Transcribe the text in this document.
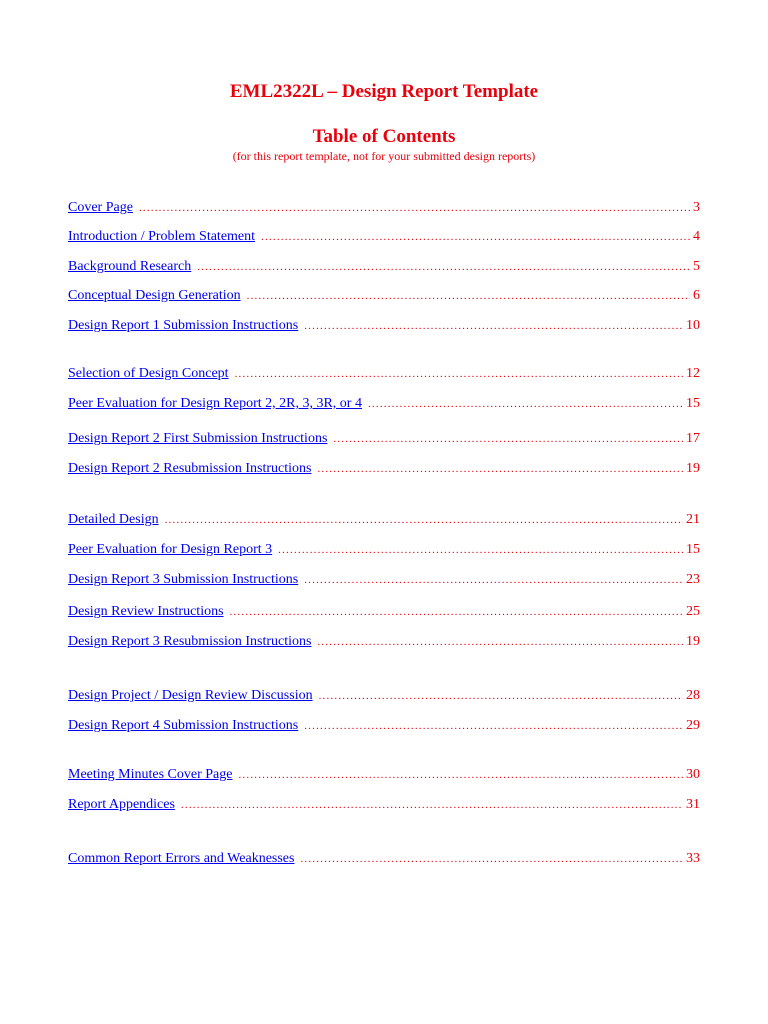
EML2322L – Design Report Template
Table of Contents
(for this report template, not for your submitted design reports)
Cover Page .....	3
Introduction / Problem Statement .....	4
Background Research .....	5
Conceptual Design Generation .....	6
Design Report 1 Submission Instructions .....	10
Selection of Design Concept .....	12
Peer Evaluation for Design Report 2, 2R, 3, 3R, or 4 .....	15
Design Report 2 First Submission Instructions .....	17
Design Report 2 Resubmission Instructions .....	19
Detailed Design .....	21
Peer Evaluation for Design Report 3 .....	15
Design Report 3 Submission Instructions .....	23
Design Review Instructions .....	25
Design Report 3 Resubmission Instructions .....	19
Design Project / Design Review Discussion .....	28
Design Report 4 Submission Instructions .....	29
Meeting Minutes Cover Page .....	30
Report Appendices .....	31
Common Report Errors and Weaknesses .....	33
